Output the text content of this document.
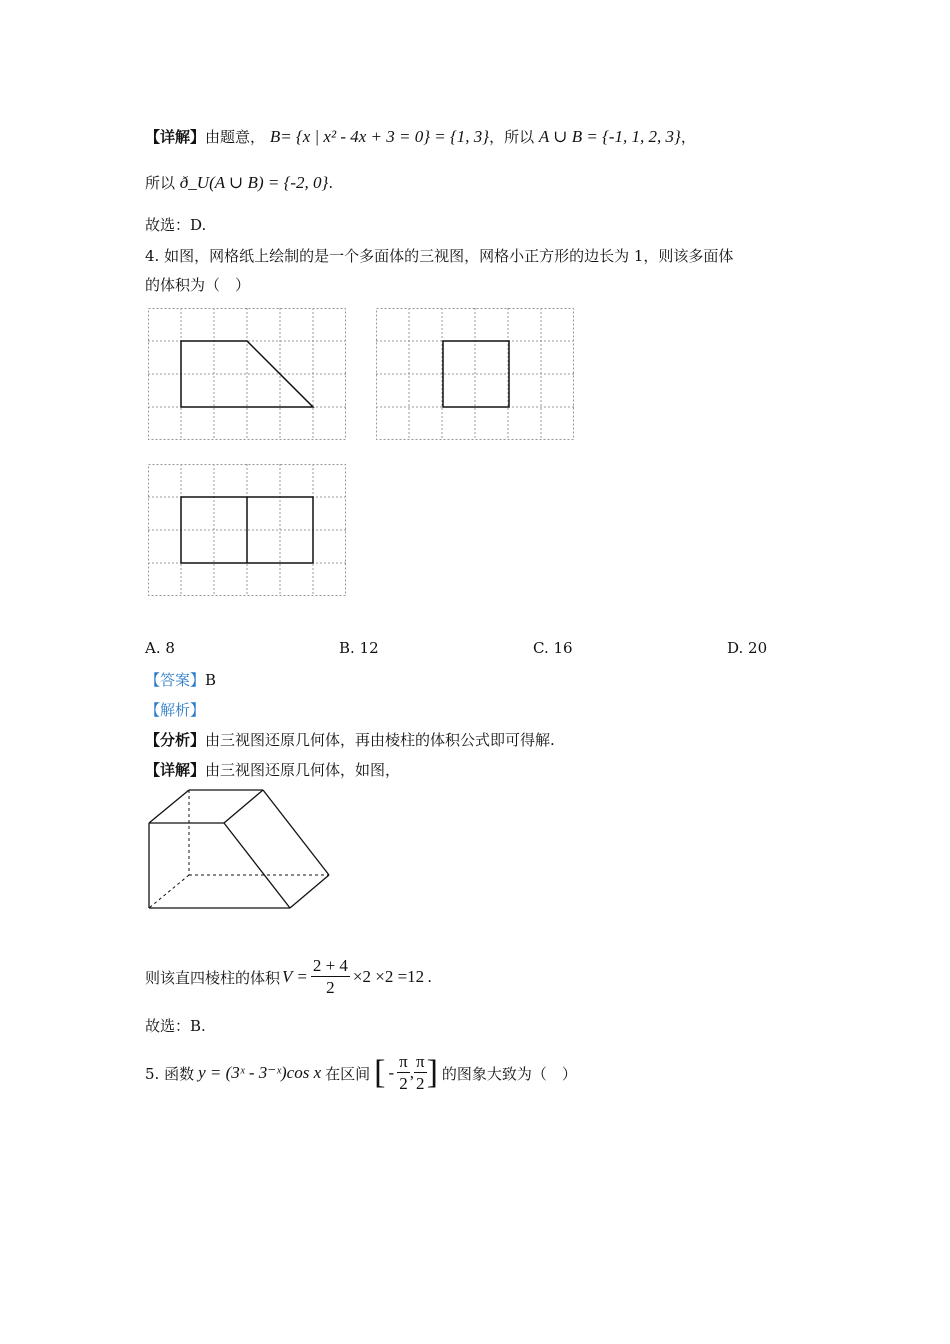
【详解】由题意， B= {x | x² - 4x + 3 = 0} = {1, 3}，所以 A ∪ B = {-1, 1, 2, 3}，
所以 ð_U(A ∪ B) = {-2, 0}.
故选：D.
4. 如图，网格纸上绘制的是一个多面体的三视图，网格小正方形的边长为 1，则该多面体
的体积为（　）
A. 8	B. 12	C. 16	D. 20
【答案】B
【解析】
【分析】由三视图还原几何体，再由棱柱的体积公式即可得解.
【详解】由三视图还原几何体，如图，
则该直四棱柱的体积 $V = \frac{2 + 4}{2} \times 2 \times 2 =12$ .
故选：B.
5. 函数 y = (3ˣ - 3⁻ˣ)cos x 在区间 [ - $\frac{\pi}{2}$ , $\frac{\pi}{2}$ ] 的图象大致为（　）
